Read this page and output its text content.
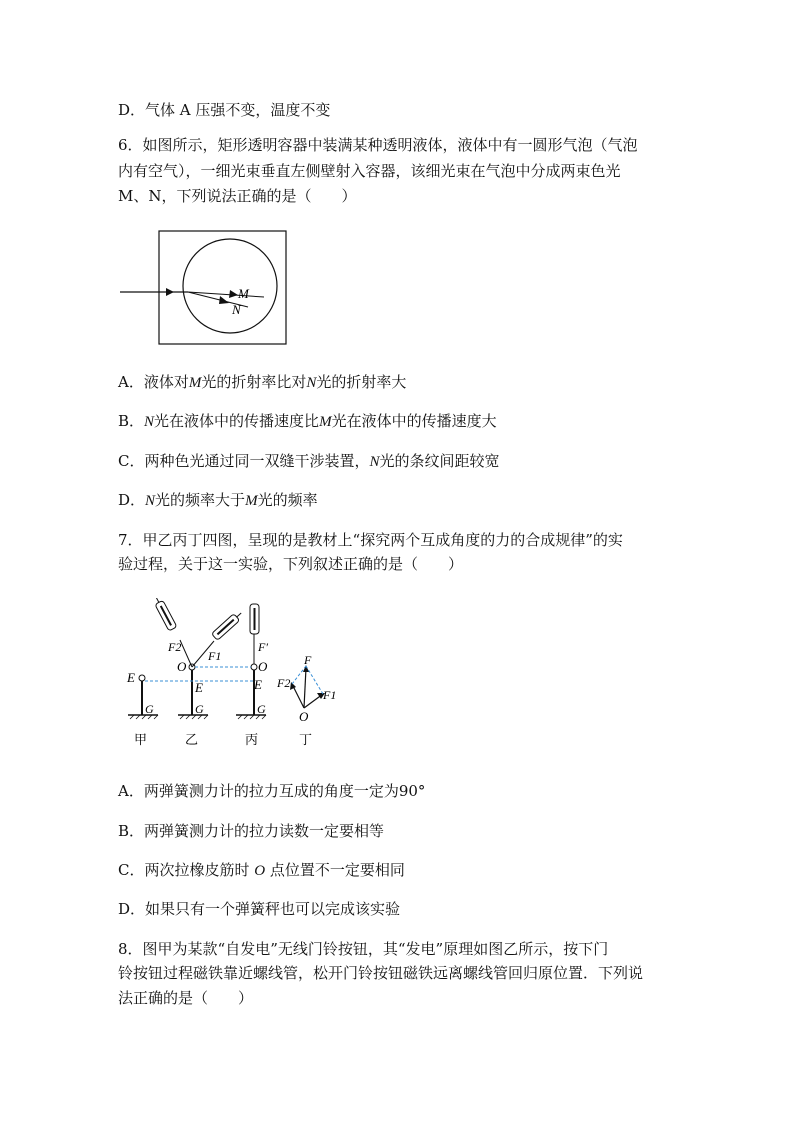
D．气体 A 压强不变，温度不变
6．如图所示，矩形透明容器中装满某种透明液体，液体中有一圆形气泡（气泡
内有空气），一细光束垂直左侧壁射入容器，该细光束在气泡中分成两束色光
M、N，下列说法正确的是（　　）
M
N
A．液体对M光的折射率比对N光的折射率大
B．N光在液体中的传播速度比M光在液体中的传播速度大
C．两种色光通过同一双缝干涉装置，N光的条纹间距较宽
D．N光的频率大于M光的频率
7．甲乙丙丁四图，呈现的是教材上“探究两个互成角度的力的合成规律”的实
验过程，关于这一实验，下列叙述正确的是（　　）
E
G
甲
F2
F1
O
E
G
乙
F′
O
E
G
丙
F
F2
F1
O
丁
A．两弹簧测力计的拉力互成的角度一定为90°
B．两弹簧测力计的拉力读数一定要相等
C．两次拉橡皮筋时 O 点位置不一定要相同
D．如果只有一个弹簧秤也可以完成该实验
8．图甲为某款“自发电”无线门铃按钮，其“发电”原理如图乙所示，按下门
铃按钮过程磁铁靠近螺线管，松开门铃按钮磁铁远离螺线管回归原位置．下列说
法正确的是（　　）
